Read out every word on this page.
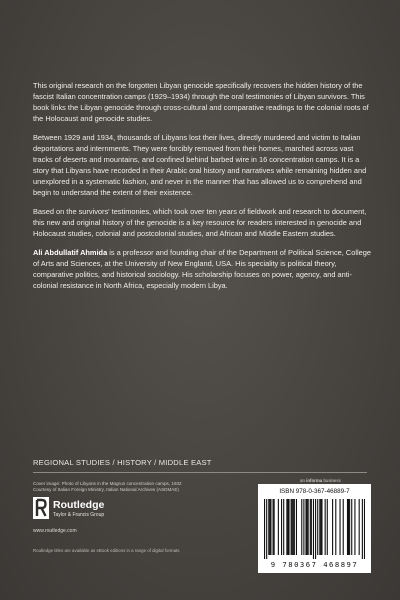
This original research on the forgotten Libyan genocide specifically recovers the hidden history of the fascist Italian concentration camps (1929–1934) through the oral testimonies of Libyan survivors. This book links the Libyan genocide through cross-cultural and comparative readings to the colonial roots of the Holocaust and genocide studies.

Between 1929 and 1934, thousands of Libyans lost their lives, directly murdered and victim to Italian deportations and internments. They were forcibly removed from their homes, marched across vast tracks of deserts and mountains, and confined behind barbed wire in 16 concentration camps. It is a story that Libyans have recorded in their Arabic oral history and narratives while remaining hidden and unexplored in a systematic fashion, and never in the manner that has allowed us to comprehend and begin to understand the extent of their existence.

Based on the survivors' testimonies, which took over ten years of fieldwork and research to document, this new and original history of the genocide is a key resource for readers interested in genocide and Holocaust studies, colonial and postcolonial studies, and African and Middle Eastern studies.

Ali Abdullatif Ahmida is a professor and founding chair of the Department of Political Science, College of Arts and Sciences, at the University of New England, USA. His speciality is political theory, comparative politics, and historical sociology. His scholarship focuses on power, agency, and anti-colonial resistance in North Africa, especially modern Libya.

REGIONAL STUDIES / HISTORY / MIDDLE EAST
Cover image: Photo of Libyans in the Magrun concentration camps, 1932
Courtesy of Italian Foreign Ministry, Italian National Archives (ASDMAE)
Routledge
Taylor & Francis Group
www.routledge.com
Routledge titles are available as eBook editions in a range of digital formats
an informa business
ISBN 978-0-367-46889-7
9 780367 468897
